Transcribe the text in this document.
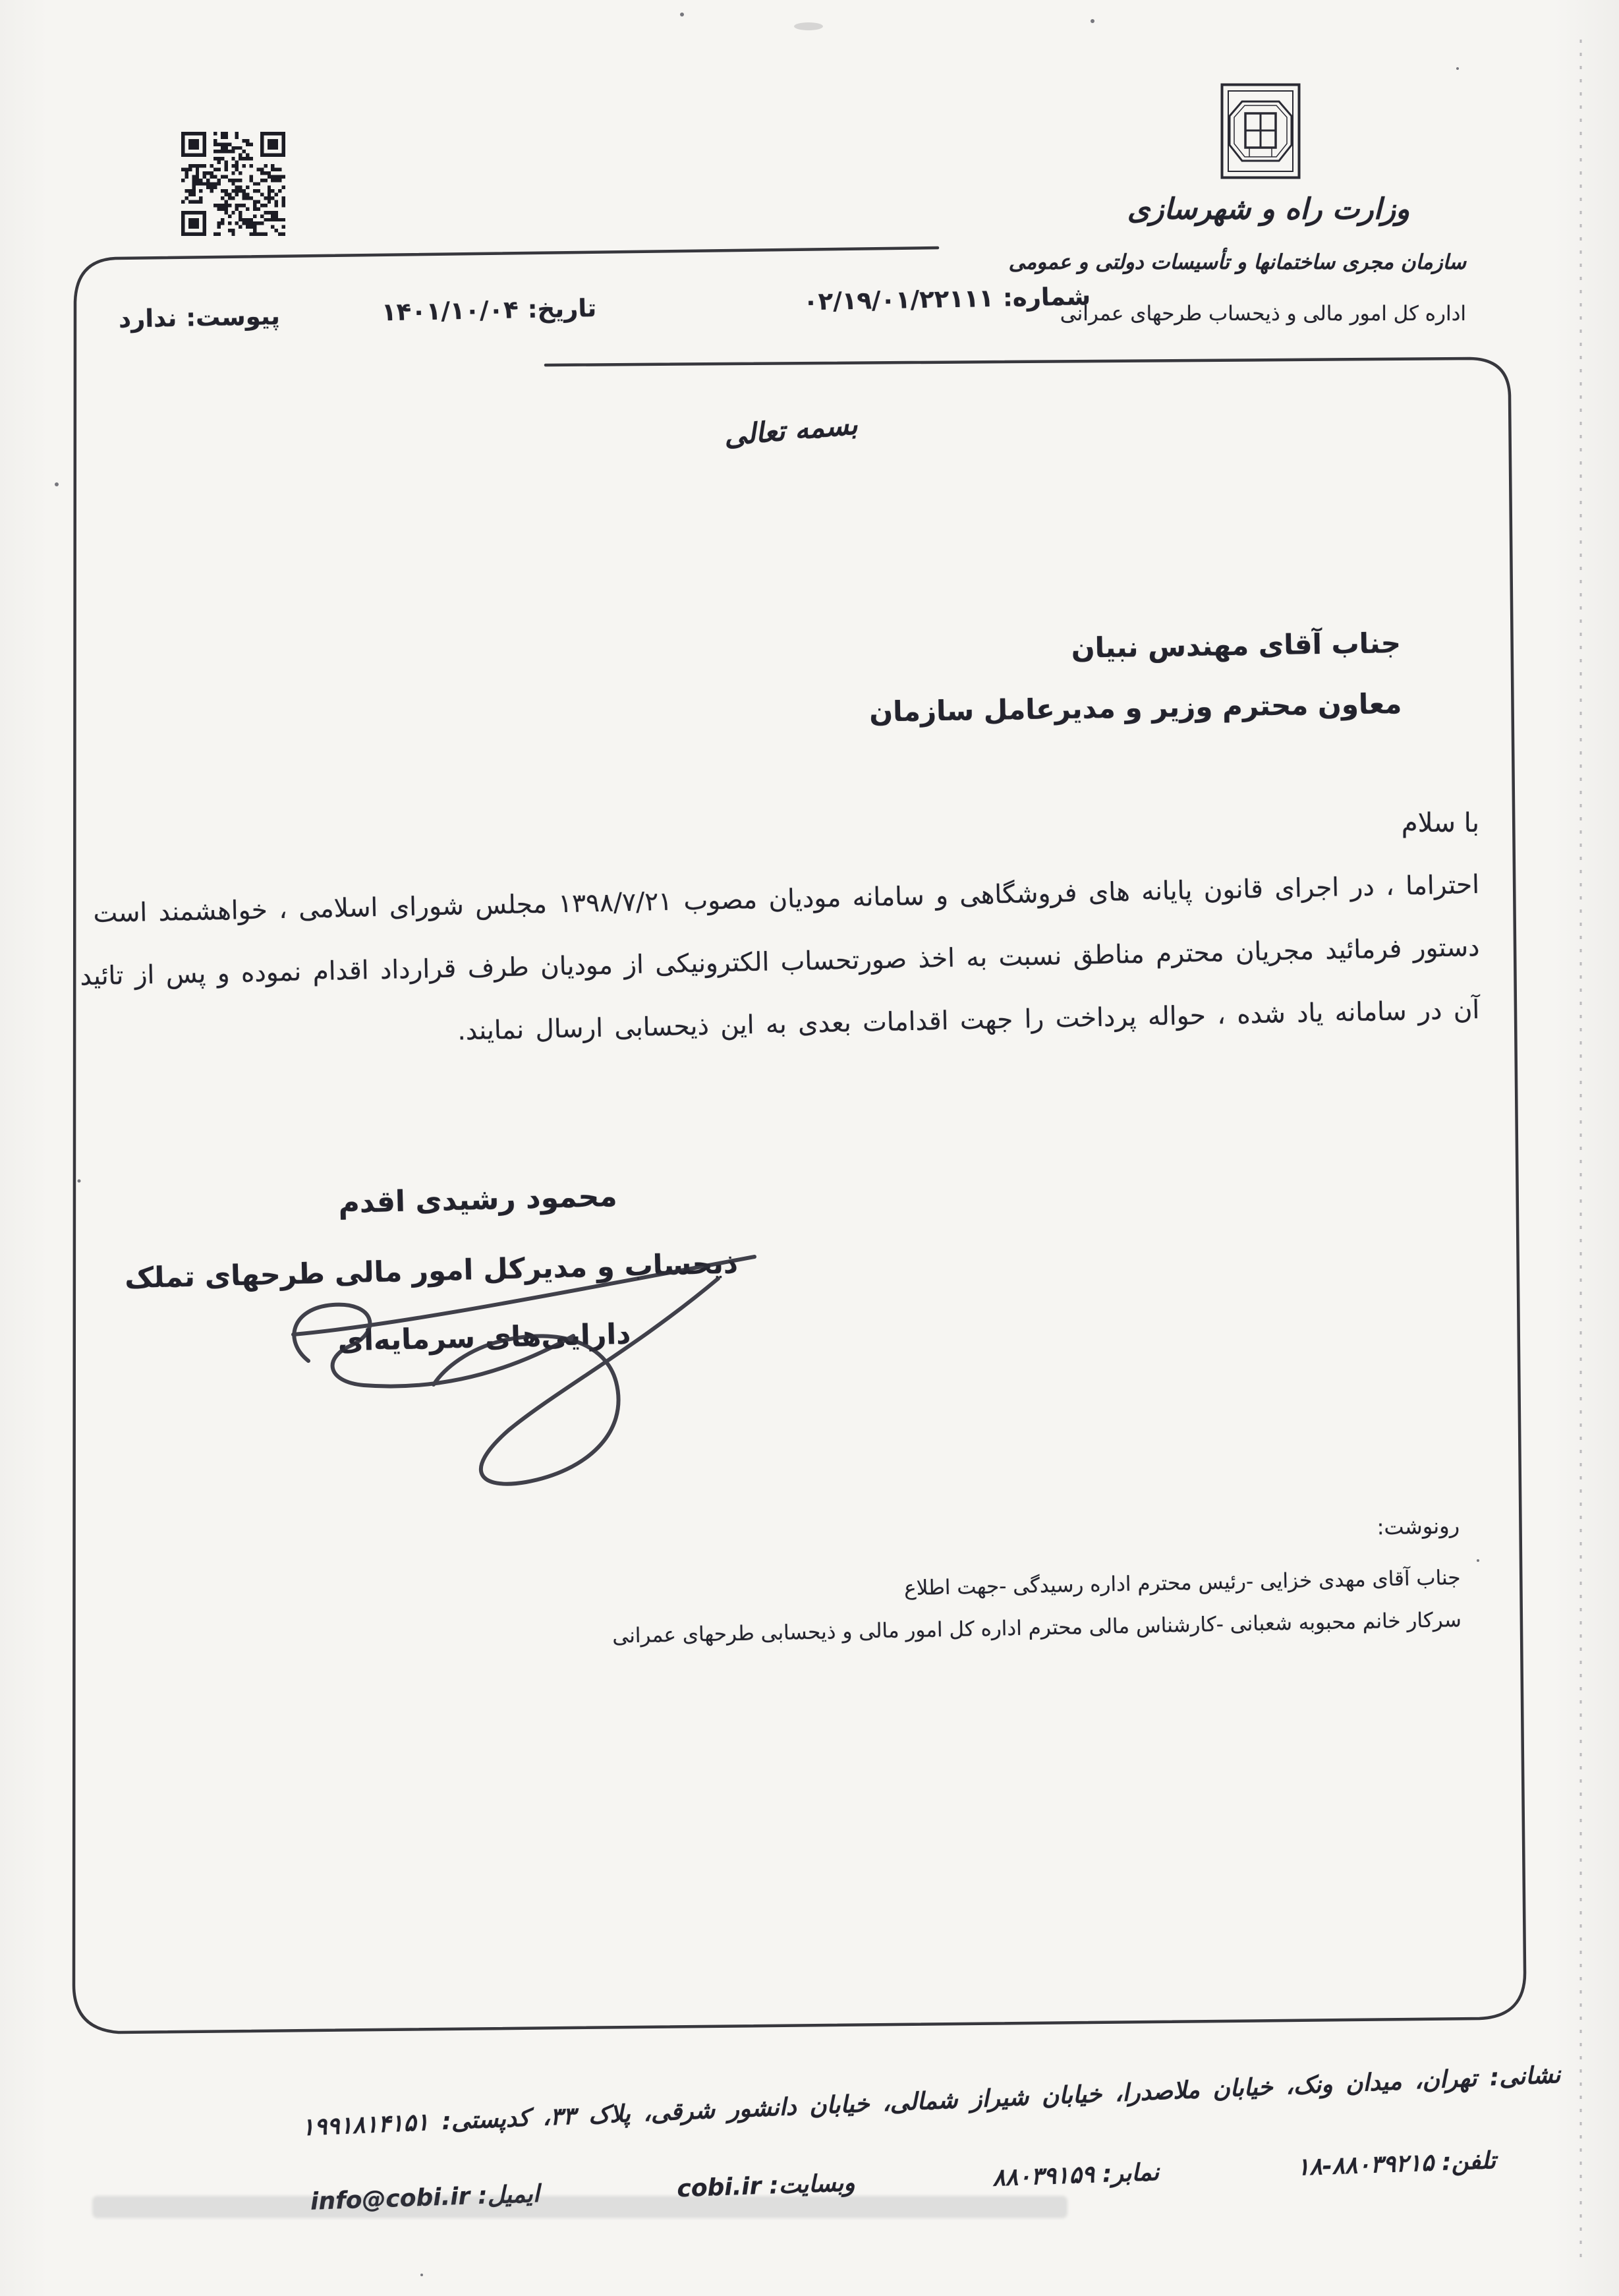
وزارت راه و شهرسازی
سازمان مجری ساختمانها و تأسیسات دولتی و عمومی
اداره کل امور مالی و ذیحساب طرحهای عمرانی
شماره:
۰۲/۱۹/۰۱/۲۲۱۱۱
تاریخ:
۱۴۰۱/۱۰/۰۴
پیوست:
ندارد
بسمه تعالی
جناب آقای مهندس نبیان
معاون محترم وزیر و مدیرعامل سازمان
با سلام
احتراما ، در اجرای قانون پایانه های فروشگاهی و سامانه مودیان مصوب ۱۳۹۸/۷/۲۱ مجلس شورای اسلامی ، خواهشمند است
دستور فرمائید مجریان محترم مناطق نسبت به اخذ صورتحساب الکترونیکی از مودیان طرف قرارداد اقدام نموده و پس از تائید
آن در سامانه یاد شده ، حواله پرداخت را جهت اقدامات بعدی به این ذیحسابی ارسال نمایند.
محمود رشیدی اقدم
ذیحساب و مدیرکل امور مالی طرحهای تملک
دارایی‌های سرمایه‌ای
رونوشت:
جناب آقای مهدی خزایی -رئیس محترم اداره رسیدگی -جهت اطلاع
سرکار خانم محبوبه شعبانی -کارشناس مالی محترم اداره کل امور مالی و ذیحسابی طرحهای عمرانی
نشانی: تهران، میدان ونک، خیابان ملاصدرا، خیابان شیراز شمالی، خیابان دانشور شرقی، پلاک ۳۳، کدپستی: ۱۹۹۱۸۱۴۱۵۱
تلفن:
۱۸-۸۸۰۳۹۲۱۵
نمابر:
۸۸۰۳۹۱۵۹
وبسایت:
cobi.ir
ایمیل:
info@cobi.ir
